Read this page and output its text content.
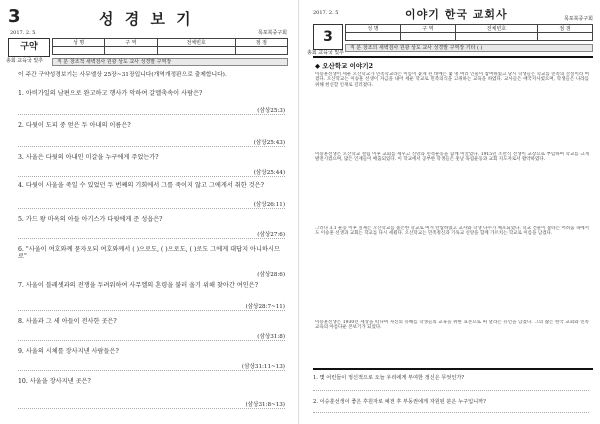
3	성 경 보 기
2017. 2. 5	목포북중구회
구약
총회 교육국 빛추
성 명	구 역	전체빈호	점 점

직 분 창조적 새벽검사 원광 상도 교사 성경말 구역장
이 주간 구약성경보기는 사무엘상 25장~31장입니다(개역개정판으로 출제합니다).
1. 아비가일의 남편으로 완고하고 행사가 악하여 갈멜축속이 사람은?
(삼상25:3)
2. 다윗이 도피 중 얻은 두 아내의 이름은?
(삼상25:43)
3. 사울은 다윗의 아내인 미갈을 누구에게 주었는가?
(삼상25:44)
4. 다윗이 사울을 죽일 수 있었던 두 번째의 기회에서 그를 죽이지 않고 그에게서 취한 것은?
(삼상26:11)
5. 가드 왕 마옥의 아들 아기스가 다윗에게 준 성읍은?
(삼상27:6)
6. "사울이 여호와께 묻자오되 여호와께서 ( )으로도, ( )으로도, ( )로도 그에게 대답지 아니하시므로"
(삼상28:6)
7. 사울이 블레셋과의 전쟁을 두려워하여 사무엘의 혼령을 불러 올기 위해 찾아간 여인은?
(삼상28:7~11)
8. 사울과 그 세 아들이 전사한 곳은?
(삼상31:8)
9. 사울의 시체를 장사지낸 사람들은?
(삼상31:11~13)
10. 사울을 장사지낸 곳은?
(삼상31:8~13)
2017. 2. 5	이야기 한국 교회사	목포북중구회
3
총회 교육국 빛추
성 명	구 역	전체빈호	점 점

직 분 창조의 새벽검사 원광 상도 교사 성경말 구역장 기타 ( )
◆ 오산학교 이야기2
이승훈선생이 세운 오산학교가 민족학교라는 이름이 붙게 된 데에는 몇 명 여러 인물이 참여하였고 당시 학생들은 학교를 민족의 산실이라 여겼다. 오산학교는 이승훈 선생이 자금을 내어 세운 학교로 민족의식을 고취하는 교육을 하였다. 교사들은 애국지사였으며, 학생들은 나라를 위해 헌신할 인재로 길러졌다.
이승훈선생은 오산학교 설립 이후 교회를 세우고 신앙과 민족운동을 함께 이끌었다. 1915년 조만식 선생이 교장으로 부임하여 학교를 크게 발전시켰으며, 많은 인재들이 배출되었다. 이 학교에서 공부한 학생들은 훗날 독립운동과 교회 지도자로서 활약하였다.
그러나 3.1 운동 이후 일제는 오산학교를 불온한 학교로 여겨 탄압하였고 교사와 학생 다수가 체포되었다. 학교 건물이 불타는 어려움 속에서도 이승훈 선생과 교회는 학교를 다시 세웠다. 오산학교는 민족정신과 기독교 신앙을 함께 가르치는 학교로 이름을 남겼다.
이승훈선생은 1930년 세상을 떠나며 자신의 유해를 학생들의 교육을 위한 표본으로 써 달라는 유언을 남겼다. 그의 삶은 한국 교회와 민족 교육의 아름다운 본보기가 되었다.
1. 몇 어린들이 정신적으로 오늘 우리에게 부여한 정신은 무엇인가?
2. 이승훈선생이 좋은 후원자로 예전 후 부동권에게 자원된 분은 누구입니까?
